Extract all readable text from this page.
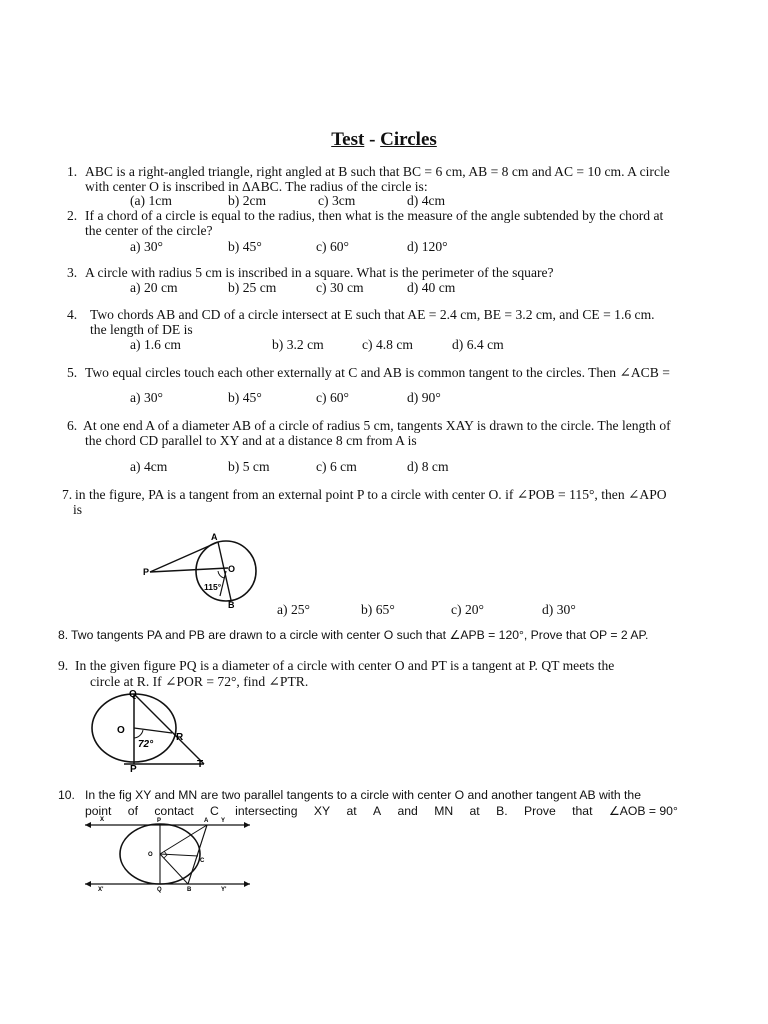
Test - Circles
1. ABC is a right-angled triangle, right angled at B such that BC = 6 cm, AB = 8 cm and AC = 10 cm. A circle
with center O is inscribed in ΔABC. The radius of the circle is:
(a) 1cm	b) 2cm	c) 3cm	d) 4cm
2. If a chord of a circle is equal to the radius, then what is the measure of the angle subtended by the chord at
the center of the circle?
a) 30°	b) 45°	c) 60°	d) 120°
3. A circle with radius 5 cm is inscribed in a square. What is the perimeter of the square?
a) 20 cm	b) 25 cm	c) 30 cm	d) 40 cm
4. Two chords AB and CD of a circle intersect at E such that AE = 2.4 cm, BE = 3.2 cm, and CE = 1.6 cm.
the length of DE is
a) 1.6 cm	b) 3.2 cm	c) 4.8 cm	d) 6.4 cm
5. Two equal circles touch each other externally at C and AB is common tangent to the circles. Then ∠ACB =
a) 30°	b) 45°	c) 60°	d) 90°
6. At one end A of a diameter AB of a circle of radius 5 cm, tangents XAY is drawn to the circle. The length of
the chord CD parallel to XY and at a distance 8 cm from A is
a) 4cm	b) 5 cm	c) 6 cm	d) 8 cm
7. in the figure, PA is a tangent from an external point P to a circle with center O. if ∠POB = 115°, then ∠APO
is
A
P	O
B
115°
a) 25°	b) 65°	c) 20°	d) 30°
8. Two tangents PA and PB are drawn to a circle with center O such that ∠APB = 120°, Prove that OP = 2 AP.
9. In the given figure PQ is a diameter of a circle with center O and PT is a tangent at P. QT meets the
circle at R. If ∠POR = 72°, find ∠PTR.
Q
O
R
P	T
72°
10. In the fig XY and MN are two parallel tangents to a circle with center O and another tangent AB with the
point of contact C intersecting XY at A and MN at B. Prove that ∠AOB = 90°
X	P	A Y
O
C
X'	Q	B	Y'
